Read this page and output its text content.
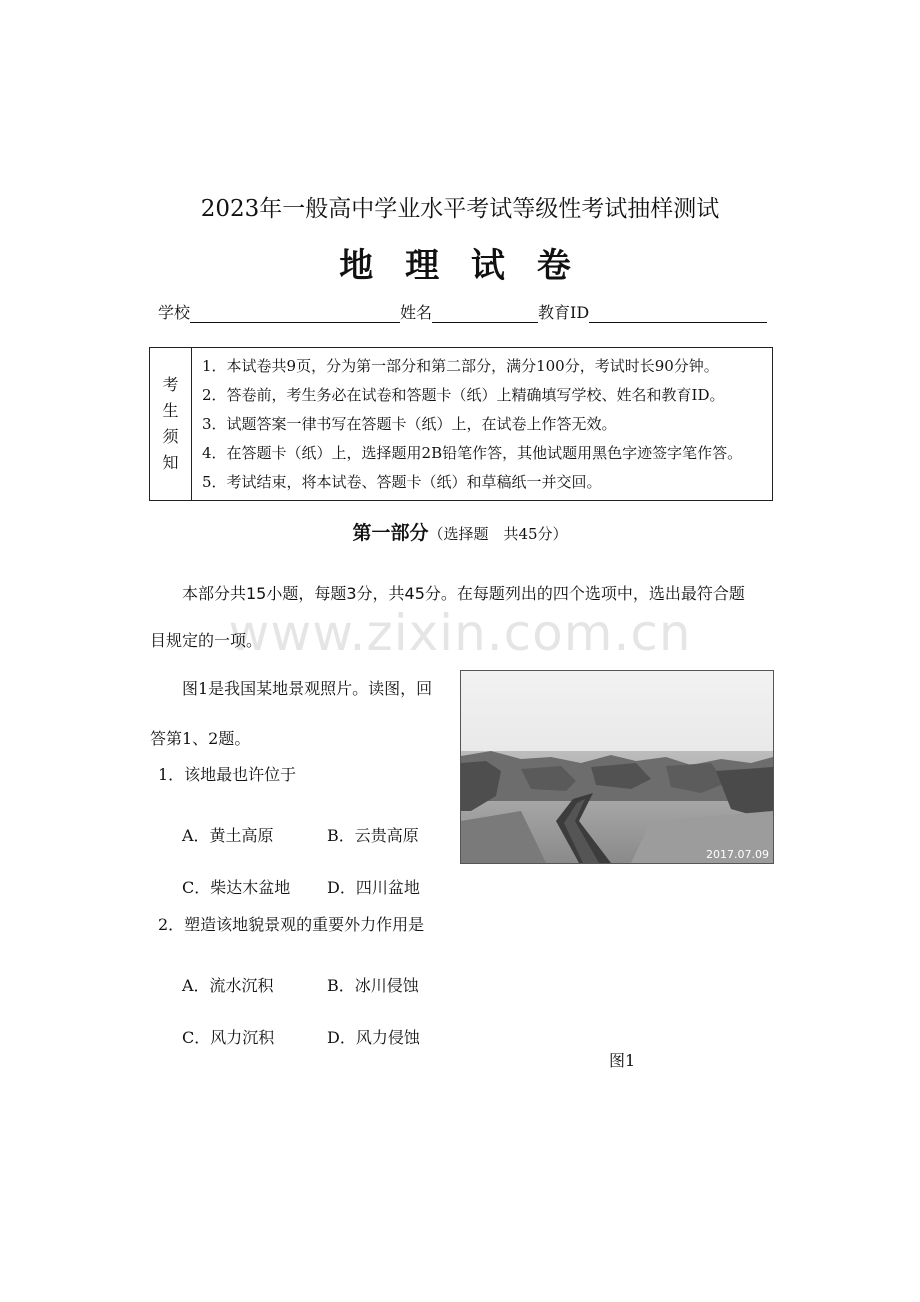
2023年一般高中学业水平考试等级性考试抽样测试
地 理 试 卷
学校	姓名	教育ID
考
生
须
知
1．本试卷共9页，分为第一部分和第二部分，满分100分，考试时长90分钟。
2．答卷前，考生务必在试卷和答题卡（纸）上精确填写学校、姓名和教育ID。
3．试题答案一律书写在答题卡（纸）上，在试卷上作答无效。
4．在答题卡（纸）上，选择题用2B铅笔作答，其他试题用黑色字迹签字笔作答。
5．考试结束，将本试卷、答题卡（纸）和草稿纸一并交回。
第一部分（选择题　共45分）
www.zixin.com.cn
本部分共15小题，每题3分，共45分。在每题列出的四个选项中，选出最符合题
目规定的一项。
图1是我国某地景观照片。读图，回
答第1、2题。
1．该地最也许位于
A．黄土高原	B．云贵高原
C．柴达木盆地 D．四川盆地
2．塑造该地貌景观的重要外力作用是
A．流水沉积	B．冰川侵蚀
C．风力沉积	D．风力侵蚀
2017.07.09
图1
